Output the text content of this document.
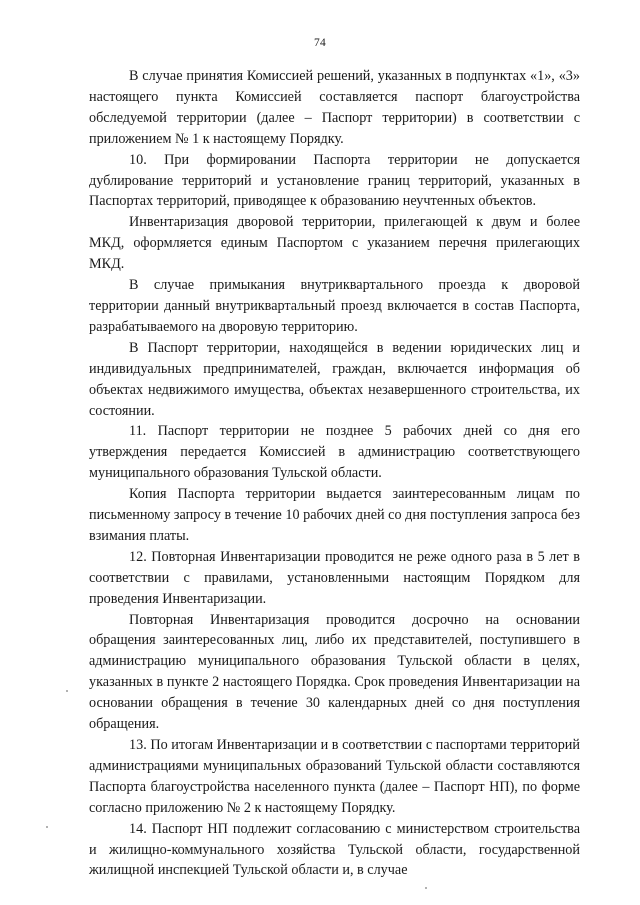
74

В случае принятия Комиссией решений, указанных в подпунктах «1», «3» настоящего пункта Комиссией составляется паспорт благоустройства обследуемой территории (далее – Паспорт территории) в соответствии с приложением № 1 к настоящему Порядку.

10. При формировании Паспорта территории не допускается дублирование территорий и установление границ территорий, указанных в Паспортах территорий, приводящее к образованию неучтенных объектов.

Инвентаризация дворовой территории, прилегающей к двум и более МКД, оформляется единым Паспортом с указанием перечня прилегающих МКД.

В случае примыкания внутриквартального проезда к дворовой территории данный внутриквартальный проезд включается в состав Паспорта, разрабатываемого на дворовую территорию.

В Паспорт территории, находящейся в ведении юридических лиц и индивидуальных предпринимателей, граждан, включается информация об объектах недвижимого имущества, объектах незавершенного строительства, их состоянии.

11. Паспорт территории не позднее 5 рабочих дней со дня его утверждения передается Комиссией в администрацию соответствующего муниципального образования Тульской области.

Копия Паспорта территории выдается заинтересованным лицам по письменному запросу в течение 10 рабочих дней со дня поступления запроса без взимания платы.

12. Повторная Инвентаризации проводится не реже одного раза в 5 лет в соответствии с правилами, установленными настоящим Порядком для проведения Инвентаризации.

Повторная Инвентаризация проводится досрочно на основании обращения заинтересованных лиц, либо их представителей, поступившего в администрацию муниципального образования Тульской области в целях, указанных в пункте 2 настоящего Порядка. Срок проведения Инвентаризации на основании обращения в течение 30 календарных дней со дня поступления обращения.

13. По итогам Инвентаризации и в соответствии с паспортами территорий администрациями муниципальных образований Тульской области составляются Паспорта благоустройства населенного пункта (далее – Паспорт НП), по форме согласно приложению № 2 к настоящему Порядку.

14. Паспорт НП подлежит согласованию с министерством строительства и жилищно-коммунального хозяйства Тульской области, государственной жилищной инспекцией Тульской области и, в случае
